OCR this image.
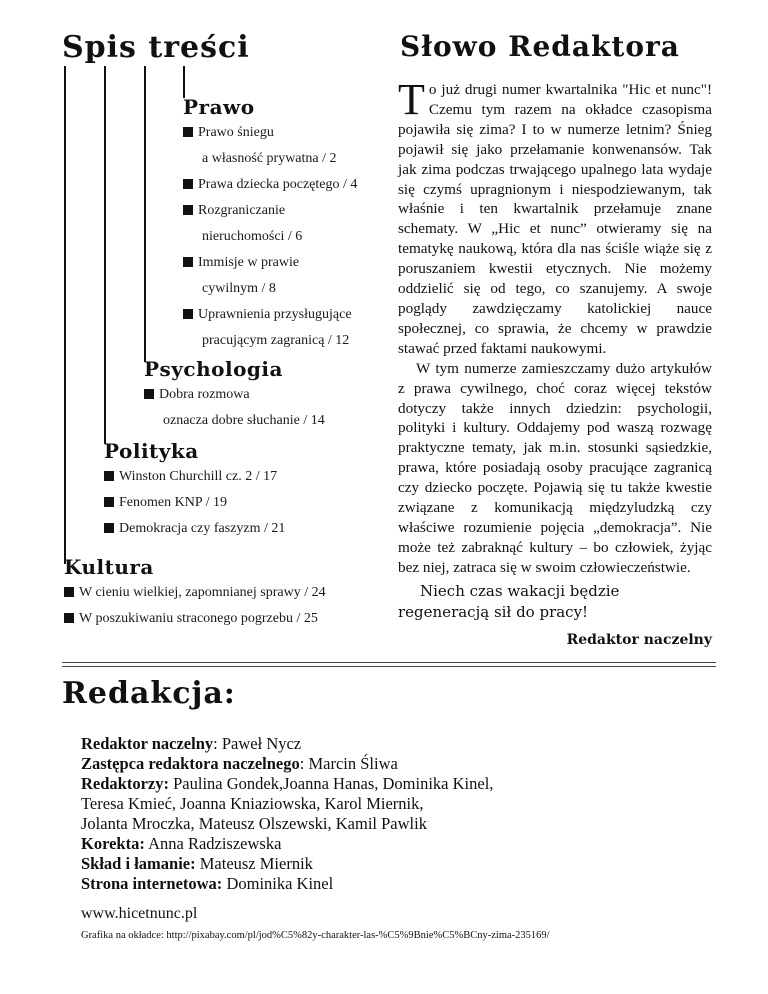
Spis treści
Prawo
Prawo śniegu
a własność prywatna / 2
Prawa dziecka poczętego / 4
Rozgraniczanie
nieruchomości / 6
Immisje w prawie
cywilnym / 8
Uprawnienia przysługujące
pracującym zagranicą / 12
Psychologia
Dobra rozmowa
oznacza dobre słuchanie / 14
Polityka
Winston Churchill cz. 2 / 17
Fenomen KNP / 19
Demokracja czy faszyzm / 21
Kultura
W cieniu wielkiej, zapomnianej sprawy / 24
W poszukiwaniu straconego pogrzebu / 25
Słowo Redaktora

To już drugi numer kwartalnika "Hic et nunc"! Czemu tym razem na okładce czasopisma pojawiła się zima? I to w numerze letnim? Śnieg pojawił się jako przełamanie konwenansów. Tak jak zima podczas trwającego upalnego lata wydaje się czymś upragnionym i niespodziewanym, tak właśnie i ten kwartalnik przełamuje znane schematy. W „Hic et nunc” otwieramy się na tematykę naukową, która dla nas ściśle wiąże się z poruszaniem kwestii etycznych. Nie możemy oddzielić się od tego, co szanujemy. A swoje poglądy zawdzięczamy katolickiej nauce społecznej, co sprawia, że chcemy w prawdzie stawać przed faktami naukowymi.

W tym numerze zamieszczamy dużo artykułów z prawa cywilnego, choć coraz więcej tekstów dotyczy także innych dziedzin: psychologii, polityki i kultury. Oddajemy pod waszą rozwagę praktyczne tematy, jak m.in. stosunki sąsiedzkie, prawa, które posiadają osoby pracujące zagranicą czy dziecko poczęte. Pojawią się tu także kwestie związane z komunikacją międzyludzką czy właściwe rozumienie pojęcia „demokracja”. Nie może też zabraknąć kultury – bo człowiek, żyjąc bez niej, zatraca się w swoim człowieczeństwie.

Niech czas wakacji będzie regeneracją sił do pracy!

Redaktor naczelny

Redakcja:
Redaktor naczelny: Paweł Nycz
Zastępca redaktora naczelnego: Marcin Śliwa
Redaktorzy: Paulina Gondek,Joanna Hanas, Dominika Kinel,
Teresa Kmieć, Joanna Kniaziowska, Karol Miernik,
Jolanta Mroczka, Mateusz Olszewski, Kamil Pawlik
Korekta: Anna Radziszewska
Skład i łamanie: Mateusz Miernik
Strona internetowa: Dominika Kinel
www.hicetnunc.pl
Grafika na okładce: http://pixabay.com/pl/jod%C5%82y-charakter-las-%C5%9Bnie%C5%BCny-zima-235169/
